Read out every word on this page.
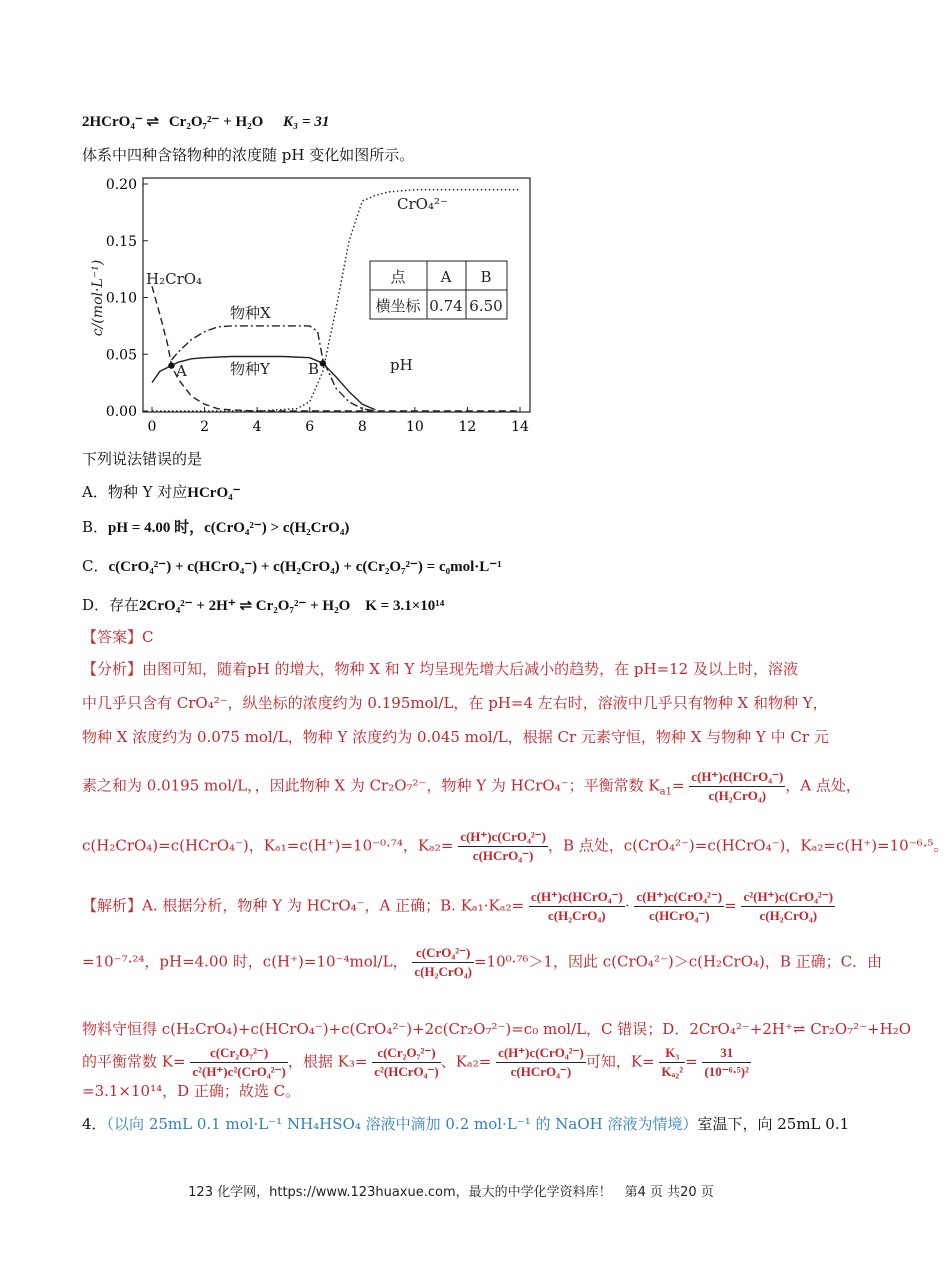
2HCrO₄⁻ ⇌ Cr₂O₇²⁻ + H₂O K₃ = 31
体系中四种含铬物种的浓度随 pH 变化如图所示。
0	2	4	6	8	10 12 14
0.00
0.05
0.10
0.15
0.20
pH
c/(mol·L⁻¹)	H₂CrO₄
物种X
物种Y
CrO₄²⁻
A	B
点 A B
横坐标 0.74 6.50
下列说法错误的是
A．物种 Y 对应HCrO₄⁻
B．pH = 4.00 时，c(CrO₄²⁻) > c(H₂CrO₄)
C．c(CrO₄²⁻) + c(HCrO₄⁻) + c(H₂CrO₄) + c(Cr₂O₇²⁻) = c₀mol·L⁻¹
D．存在2CrO₄²⁻ + 2H⁺ ⇌ Cr₂O₇²⁻ + H₂O　K = 3.1×10¹⁴
【答案】C
【分析】由图可知，随着pH 的增大，物种 X 和 Y 均呈现先增大后减小的趋势，在 pH=12 及以上时，溶液
中几乎只含有 CrO₄²⁻，纵坐标的浓度约为 0.195mol/L，在 pH=4 左右时，溶液中几乎只有物种 X 和物种 Y，
物种 X 浓度约为 0.075 mol/L，物种 Y 浓度约为 0.045 mol/L，根据 Cr 元素守恒，物种 X 与物种 Y 中 Cr 元
素之和为 0.0195 mol/L，，因此物种 X 为 Cr₂O₇²⁻，物种 Y 为 HCrO₄⁻；平衡常数 $K_{a1}= \frac{\text{c(H⁺)c(HCrO₄⁻)}}{\text{c(H₂CrO₄)}}$ ，A 点处，
c(H₂CrO₄)=c(HCrO₄⁻)，Kₐ₁=c(H⁺)=10⁻⁰·⁷⁴，$K_{a2}= \frac{\text{c(H⁺)c(CrO₄²⁻)}}{\text{c(HCrO₄⁻)}}$ ，B 点处，c(CrO₄²⁻)=c(HCrO₄⁻)，Kₐ₂=c(H⁺)=10⁻⁶·⁵。
【解析】A. 根据分析，物种 Y 为 HCrO₄⁻，A 正确；B. $K_{a1}\cdot K_{a2}= \frac{\text{c(H⁺)c(HCrO₄⁻)}}{\text{c(H₂CrO₄)}} \cdot \frac{\text{c(H⁺)c(CrO₄²⁻)}}{\text{c(HCrO₄⁻)}} = \frac{\text{c²(H⁺)c(CrO₄²⁻)}}{\text{c(H₂CrO₄)}}$
=10⁻⁷·²⁴，pH=4.00 时，c(H⁺)=10⁻⁴mol/L， $\frac{\text{c(CrO₄²⁻)}}{\text{c(H₂CrO₄)}} =10^0\cdot^{76}>1$，因此 c(CrO₄²⁻)＞c(H₂CrO₄)，B 正确；C．由
物料守恒得 c(H₂CrO₄)+c(HCrO₄⁻)+c(CrO₄²⁻)+2c(Cr₂O₇²⁻)=c₀ mol/L，C 错误；D．2CrO₄²⁻+2H⁺⇌ Cr₂O₇²⁻+H₂O
的平衡常数 $K= \frac{\text{c(Cr₂O₇²⁻)}}{\text{c²(H⁺)c²(CrO₄²⁻)}}$ ，根据 $K_3= \frac{\text{c(Cr₂O₇²⁻)}}{\text{c²(HCrO₄⁻)}}$ 、$K_{a2}= \frac{\text{c(H⁺)c(CrO₄²⁻)}}{\text{c(HCrO₄⁻)}}$ 可知，$K= \frac{\text{K₃}}{\text{Kₐ₂²}} = \frac{31}{\text{(10⁻⁶·⁵)²}}$
=3.1×10¹⁴，D 正确；故选 C。
4．（以向 25mL 0.1 mol·L⁻¹ NH₄HSO₄ 溶液中滴加 0.2 mol·L⁻¹ 的 NaOH 溶液为情境）室温下，向 25mL 0.1
123 化学网，https://www.123huaxue.com，最大的中学化学资料库！　第4 页 共20 页
